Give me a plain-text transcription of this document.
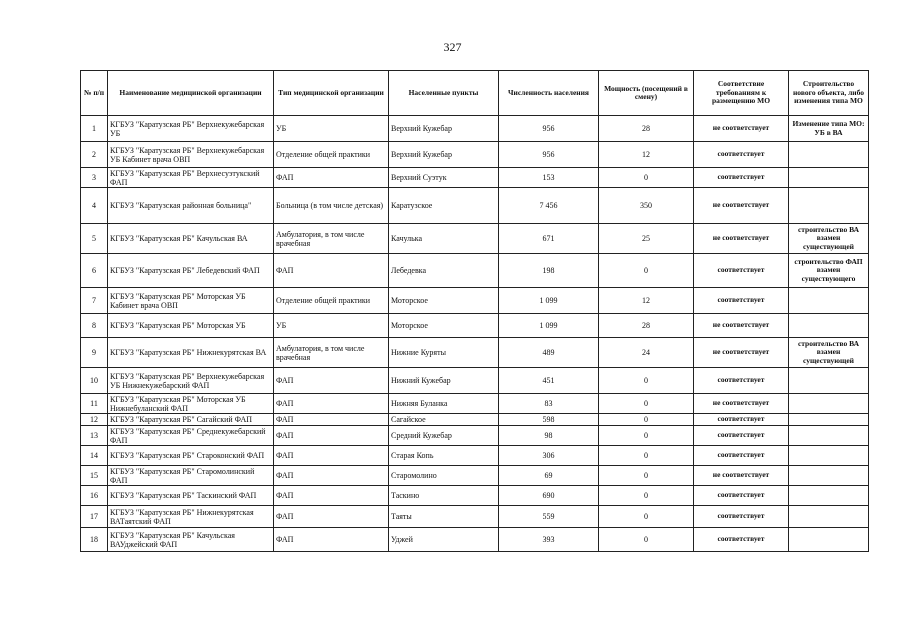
327
№ п/п	Наименование медицинской организации	Тип медицинской организации	Населенные пункты	Численность населения	Мощность (посещений в смену)	Соответствие требованиям к размещению МО	Строительство нового объекта, либо изменения типа МО
1	КГБУЗ "Каратузская РБ" Верхнекужебарская УБ	УБ	Верхний Кужебар	956	28	не соответствует	Изменение типа МО: УБ в ВА
2	КГБУЗ "Каратузская РБ" Верхнекужебарская УБ Кабинет врача ОВП	Отделение общей практики	Верхний Кужебар	956	12	соответствует	
3	КГБУЗ "Каратузская РБ" Верхнесуэтукский ФАП	ФАП	Верхний Суэтук	153	0	соответствует	
4	КГБУЗ "Каратузская районная больница"	Больница (в том числе детская)	Каратузское	7 456	350	не соответствует	
5	КГБУЗ "Каратузская РБ" Качульская ВА	Амбулатория, в том числе врачебная	Качулька	671	25	не соответствует	строительство ВА взамен существующей
6	КГБУЗ "Каратузская РБ" Лебедевский ФАП	ФАП	Лебедевка	198	0	соответствует	строительство ФАП взамен существующего
7	КГБУЗ "Каратузская РБ" Моторская УБ Кабинет врача ОВП	Отделение общей практики	Моторское	1 099	12	соответствует	
8	КГБУЗ "Каратузская РБ" Моторская УБ	УБ	Моторское	1 099	28	не соответствует	
9	КГБУЗ "Каратузская РБ" Нижнекурятская ВА	Амбулатория, в том числе врачебная	Нижние Куряты	489	24	не соответствует	строительство ВА взамен существующей
10	КГБУЗ "Каратузская РБ" Верхнекужебарская УБ Нижнекужебарский ФАП	ФАП	Нижний Кужебар	451	0	соответствует	
11	КГБУЗ "Каратузская РБ" Моторская УБ Нижнебуланский ФАП	ФАП	Нижняя Буланка	83	0	не соответствует	
12	КГБУЗ "Каратузская РБ" Сагайский ФАП	ФАП	Сагайское	598	0	соответствует	
13	КГБУЗ "Каратузская РБ" Среднекужебарский ФАП	ФАП	Средний Кужебар	98	0	соответствует	
14	КГБУЗ "Каратузская РБ" Староконский ФАП	ФАП	Старая Копь	306	0	соответствует	
15	КГБУЗ "Каратузская РБ" Старомолинский ФАП	ФАП	Старомолино	69	0	не соответствует	
16	КГБУЗ "Каратузская РБ" Таскинский ФАП	ФАП	Таскино	690	0	соответствует	
17	КГБУЗ "Каратузская РБ" Нижнекурятская ВАТаятский ФАП	ФАП	Таяты	559	0	соответствует	
18	КГБУЗ "Каратузская РБ" Качульская ВАУджейский ФАП	ФАП	Уджей	393	0	соответствует	
